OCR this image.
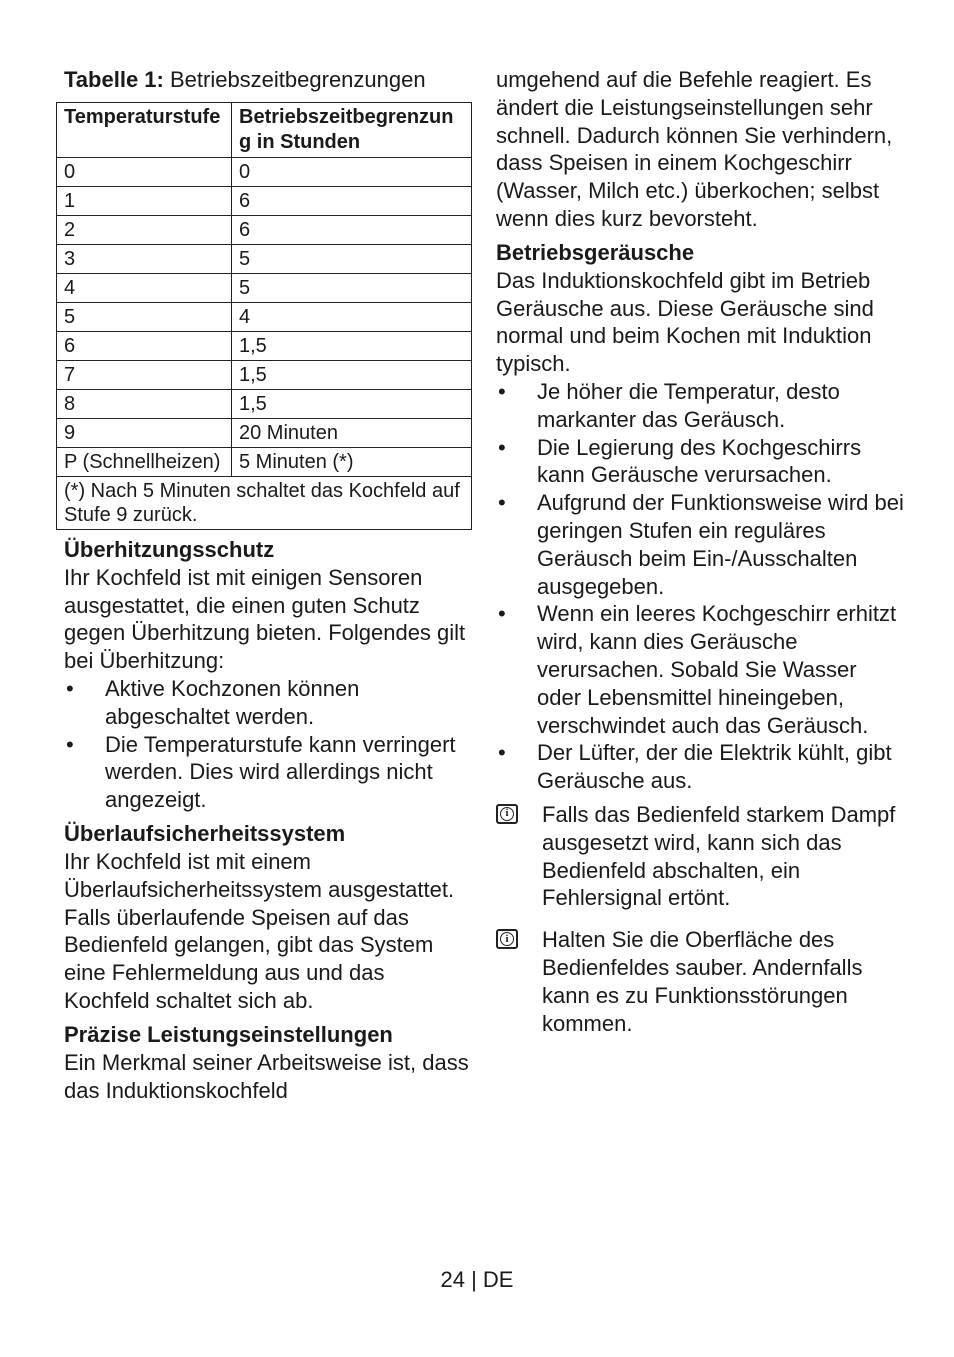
Tabelle 1: Betriebszeitbegrenzungen

Temperaturstufe	Betriebszeitbegrenzung in Stunden
0	0
1	6
2	6
3	5
4	5
5	4
6	1,5
7	1,5
8	1,5
9	20 Minuten
P (Schnellheizen)	5 Minuten (*)
(*) Nach 5 Minuten schaltet das Kochfeld auf Stufe 9 zurück.	
Überhitzungsschutz

Ihr Kochfeld ist mit einigen Sensoren ausgestattet, die einen guten Schutz gegen Überhitzung bieten. Folgendes gilt bei Überhitzung:

• Aktive Kochzonen können abgeschaltet werden.
• Die Temperaturstufe kann verringert werden. Dies wird allerdings nicht angezeigt.
Überlaufsicherheitssystem

Ihr Kochfeld ist mit einem Überlaufsicherheitssystem ausgestattet. Falls überlaufende Speisen auf das Bedienfeld gelangen, gibt das System eine Fehlermeldung aus und das Kochfeld schaltet sich ab.

Präzise Leistungseinstellungen

Ein Merkmal seiner Arbeitsweise ist, dass das Induktionskochfeld

umgehend auf die Befehle reagiert. Es ändert die Leistungseinstellungen sehr schnell. Dadurch können Sie verhindern, dass Speisen in einem Kochgeschirr (Wasser, Milch etc.) überkochen; selbst wenn dies kurz bevorsteht.

Betriebsgeräusche

Das Induktionskochfeld gibt im Betrieb Geräusche aus. Diese Geräusche sind normal und beim Kochen mit Induktion typisch.

• Je höher die Temperatur, desto markanter das Geräusch.
• Die Legierung des Kochgeschirrs kann Geräusche verursachen.
• Aufgrund der Funktionsweise wird bei geringen Stufen ein reguläres Geräusch beim Ein-/Ausschalten ausgegeben.
• Wenn ein leeres Kochgeschirr erhitzt wird, kann dies Geräusche verursachen. Sobald Sie Wasser oder Lebensmittel hineingeben, verschwindet auch das Geräusch.
• Der Lüfter, der die Elektrik kühlt, gibt Geräusche aus.
i Falls das Bedienfeld starkem Dampf ausgesetzt wird, kann sich das Bedienfeld abschalten, ein Fehlersignal ertönt.

i Halten Sie die Oberfläche des Bedienfeldes sauber. Andernfalls kann es zu Funktionsstörungen kommen.

24 | DE
